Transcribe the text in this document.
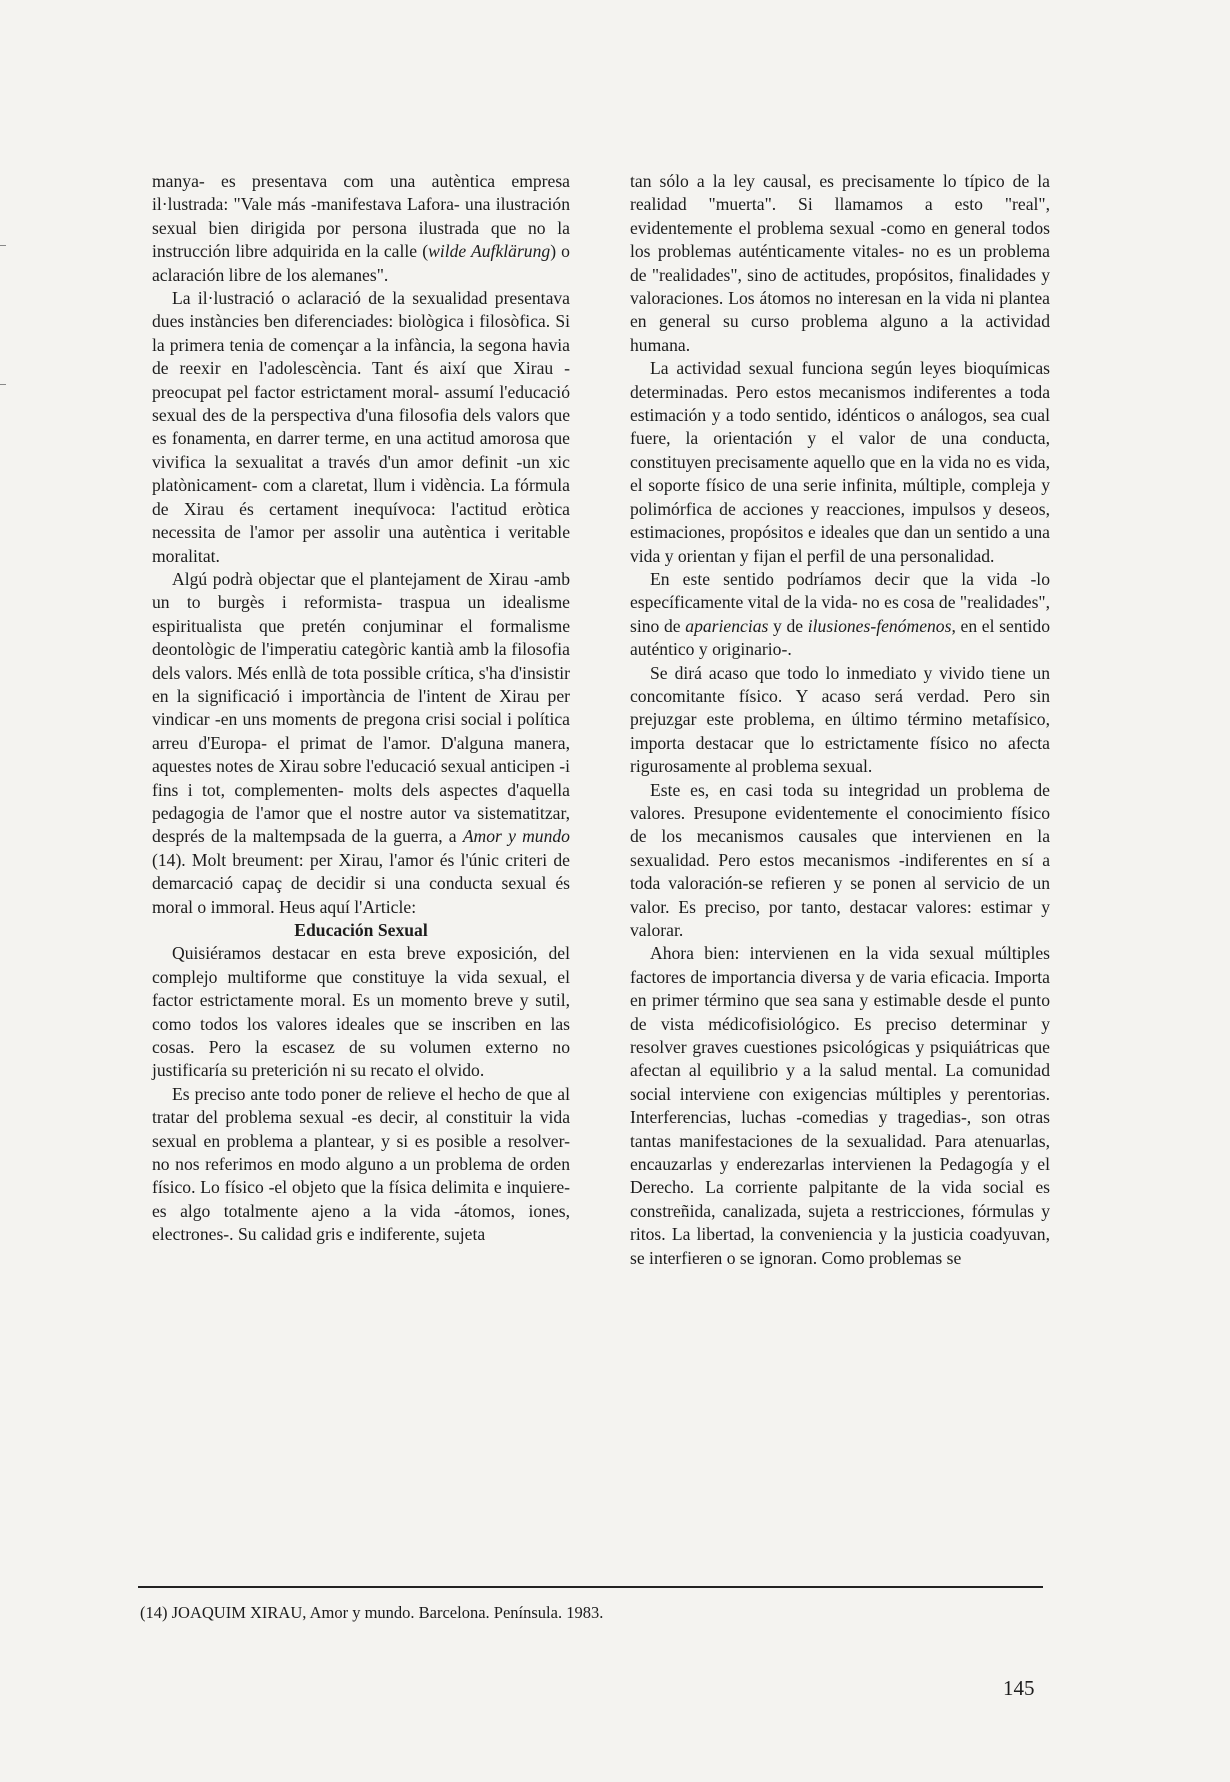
manya- es presentava com una autèntica empresa il·lustrada: "Vale más -manifestava Lafora- una ilustración sexual bien dirigida por persona ilustrada que no la instrucción libre adquirida en la calle (wilde Aufklärung) o aclaración libre de los alemanes".

La il·lustració o aclaració de la sexualidad presentava dues instàncies ben diferenciades: biològica i filosòfica. Si la primera tenia de començar a la infància, la segona havia de reexir en l'adolescència. Tant és així que Xirau -preocupat pel factor estrictament moral- assumí l'educació sexual des de la perspectiva d'una filosofia dels valors que es fonamenta, en darrer terme, en una actitud amorosa que vivifica la sexualitat a través d'un amor definit -un xic platònicament- com a claretat, llum i vidència. La fórmula de Xirau és certament inequívoca: l'actitud eròtica necessita de l'amor per assolir una autèntica i veritable moralitat.

Algú podrà objectar que el plantejament de Xirau -amb un to burgès i reformista- traspua un idealisme espiritualista que pretén conjuminar el formalisme deontològic de l'imperatiu categòric kantià amb la filosofia dels valors. Més enllà de tota possible crítica, s'ha d'insistir en la significació i importància de l'intent de Xirau per vindicar -en uns moments de pregona crisi social i política arreu d'Europa- el primat de l'amor. D'alguna manera, aquestes notes de Xirau sobre l'educació sexual anticipen -i fins i tot, complementen- molts dels aspectes d'aquella pedagogia de l'amor que el nostre autor va sistematitzar, després de la maltempsada de la guerra, a Amor y mundo (14). Molt breument: per Xirau, l'amor és l'únic criteri de demarcació capaç de decidir si una conducta sexual és moral o immoral. Heus aquí l'Article:

Educación Sexual

Quisiéramos destacar en esta breve exposición, del complejo multiforme que constituye la vida sexual, el factor estrictamente moral. Es un momento breve y sutil, como todos los valores ideales que se inscriben en las cosas. Pero la escasez de su volumen externo no justificaría su preterición ni su recato el olvido.

Es preciso ante todo poner de relieve el hecho de que al tratar del problema sexual -es decir, al constituir la vida sexual en problema a plantear, y si es posible a resolver- no nos referimos en modo alguno a un problema de orden físico. Lo físico -el objeto que la física delimita e inquiere- es algo totalmente ajeno a la vida -átomos, iones, electrones-. Su calidad gris e indiferente, sujeta

tan sólo a la ley causal, es precisamente lo típico de la realidad "muerta". Si llamamos a esto "real", evidentemente el problema sexual -como en general todos los problemas auténticamente vitales- no es un problema de "realidades", sino de actitudes, propósitos, finalidades y valoraciones. Los átomos no interesan en la vida ni plantea en general su curso problema alguno a la actividad humana.

La actividad sexual funciona según leyes bioquímicas determinadas. Pero estos mecanismos indiferentes a toda estimación y a todo sentido, idénticos o análogos, sea cual fuere, la orientación y el valor de una conducta, constituyen precisamente aquello que en la vida no es vida, el soporte físico de una serie infinita, múltiple, compleja y polimórfica de acciones y reacciones, impulsos y deseos, estimaciones, propósitos e ideales que dan un sentido a una vida y orientan y fijan el perfil de una personalidad.

En este sentido podríamos decir que la vida -lo específicamente vital de la vida- no es cosa de "realidades", sino de apariencias y de ilusiones-fenómenos, en el sentido auténtico y originario-.

Se dirá acaso que todo lo inmediato y vivido tiene un concomitante físico. Y acaso será verdad. Pero sin prejuzgar este problema, en último término metafísico, importa destacar que lo estrictamente físico no afecta rigurosamente al problema sexual.

Este es, en casi toda su integridad un problema de valores. Presupone evidentemente el conocimiento físico de los mecanismos causales que intervienen en la sexualidad. Pero estos mecanismos -indiferentes en sí a toda valoración-se refieren y se ponen al servicio de un valor. Es preciso, por tanto, destacar valores: estimar y valorar.

Ahora bien: intervienen en la vida sexual múltiples factores de importancia diversa y de varia eficacia. Importa en primer término que sea sana y estimable desde el punto de vista médicofisiológico. Es preciso determinar y resolver graves cuestiones psicológicas y psiquiátricas que afectan al equilibrio y a la salud mental. La comunidad social interviene con exigencias múltiples y perentorias. Interferencias, luchas -comedias y tragedias-, son otras tantas manifestaciones de la sexualidad. Para atenuarlas, encauzarlas y enderezarlas intervienen la Pedagogía y el Derecho. La corriente palpitante de la vida social es constreñida, canalizada, sujeta a restricciones, fórmulas y ritos. La libertad, la conveniencia y la justicia coadyuvan, se interfieren o se ignoran. Como problemas se

(14) JOAQUIM XIRAU, Amor y mundo. Barcelona. Península. 1983.
145
